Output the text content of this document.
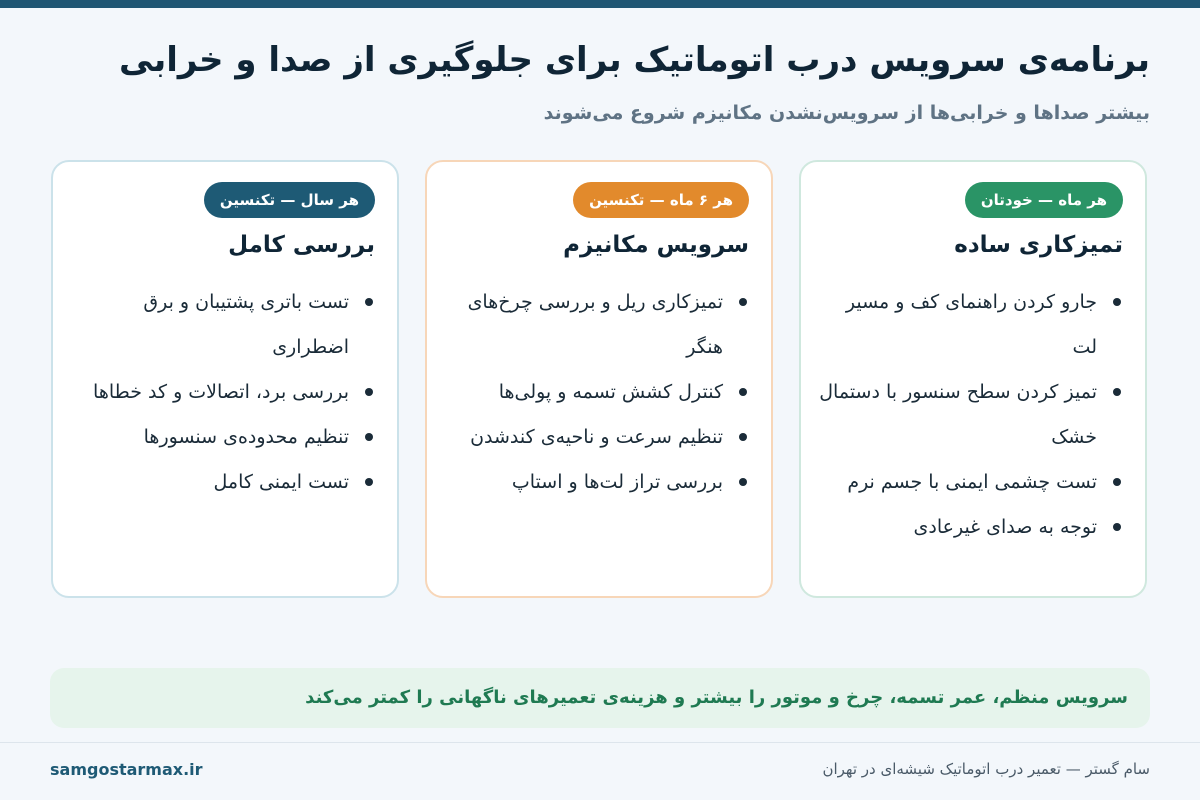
برنامه‌ی سرویس درب اتوماتیک برای جلوگیری از صدا و خرابی

بیشتر صداها و خرابی‌ها از سرویس‌نشدن مکانیزم شروع می‌شوند

هر ماه — خودتان
تمیزکاری ساده
جارو کردن راهنمای کف و مسیر لت
تمیز کردن سطح سنسور با دستمال خشک
تست چشمی ایمنی با جسم نرم
توجه به صدای غیرعادی
هر ۶ ماه — تکنسین
سرویس مکانیزم
تمیزکاری ریل و بررسی چرخ‌های هنگر
کنترل کشش تسمه و پولی‌ها
تنظیم سرعت و ناحیه‌ی کندشدن
بررسی تراز لت‌ها و استاپ
هر سال — تکنسین
بررسی کامل
تست باتری پشتیبان و برق اضطراری
بررسی برد، اتصالات و کد خطاها
تنظیم محدوده‌ی سنسورها
تست ایمنی کامل
سرویس منظم، عمر تسمه، چرخ و موتور را بیشتر و هزینه‌ی تعمیرهای ناگهانی را کمتر می‌کند
سام گستر — تعمیر درب اتوماتیک شیشه‌ای در تهران
samgostarmax.ir
